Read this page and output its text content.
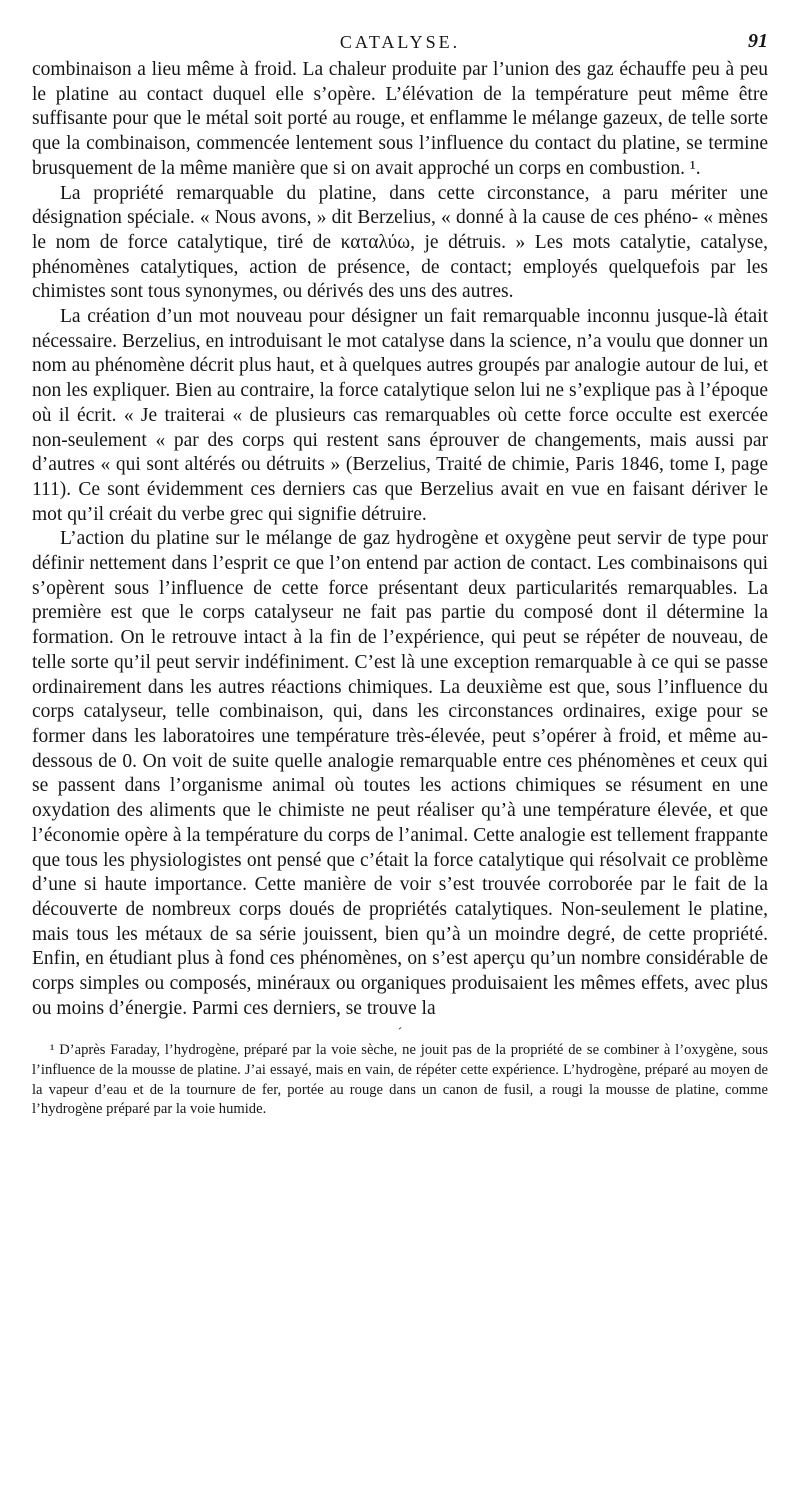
CATALYSE.	91

combinaison a lieu même à froid. La chaleur produite par l’union des gaz échauffe peu à peu le platine au contact duquel elle s’opère. L’élévation de la température peut même être suffisante pour que le métal soit porté au rouge, et enflamme le mélange gazeux, de telle sorte que la combinaison, commencée lentement sous l’influence du contact du platine, se termine brusquement de la même manière que si on avait approché un corps en combustion. ¹.

La propriété remarquable du platine, dans cette circonstance, a paru mériter une désignation spéciale. « Nous avons, » dit Berzelius, « donné à la cause de ces phéno- « mènes le nom de force catalytique, tiré de καταλύω, je détruis. » Les mots catalytie, catalyse, phénomènes catalytiques, action de présence, de contact; employés quelquefois par les chimistes sont tous synonymes, ou dérivés des uns des autres.

La création d’un mot nouveau pour désigner un fait remarquable inconnu jusque-là était nécessaire. Berzelius, en introduisant le mot catalyse dans la science, n’a voulu que donner un nom au phénomène décrit plus haut, et à quelques autres groupés par analogie autour de lui, et non les expliquer. Bien au contraire, la force catalytique selon lui ne s’explique pas à l’époque où il écrit. « Je traiterai « de plusieurs cas remarquables où cette force occulte est exercée non-seulement « par des corps qui restent sans éprouver de changements, mais aussi par d’autres « qui sont altérés ou détruits » (Berzelius, Traité de chimie, Paris 1846, tome I, page 111). Ce sont évidemment ces derniers cas que Berzelius avait en vue en faisant dériver le mot qu’il créait du verbe grec qui signifie détruire.

L’action du platine sur le mélange de gaz hydrogène et oxygène peut servir de type pour définir nettement dans l’esprit ce que l’on entend par action de contact. Les combinaisons qui s’opèrent sous l’influence de cette force présentant deux particularités remarquables. La première est que le corps catalyseur ne fait pas partie du composé dont il détermine la formation. On le retrouve intact à la fin de l’expérience, qui peut se répéter de nouveau, de telle sorte qu’il peut servir indéfiniment. C’est là une exception remarquable à ce qui se passe ordinairement dans les autres réactions chimiques. La deuxième est que, sous l’influence du corps catalyseur, telle combinaison, qui, dans les circonstances ordinaires, exige pour se former dans les laboratoires une température très-élevée, peut s’opérer à froid, et même au-dessous de 0. On voit de suite quelle analogie remarquable entre ces phénomènes et ceux qui se passent dans l’organisme animal où toutes les actions chimiques se résument en une oxydation des aliments que le chimiste ne peut réaliser qu’à une température élevée, et que l’économie opère à la température du corps de l’animal. Cette analogie est tellement frappante que tous les physiologistes ont pensé que c’était la force catalytique qui résolvait ce problème d’une si haute importance. Cette manière de voir s’est trouvée corroborée par le fait de la découverte de nombreux corps doués de propriétés catalytiques. Non-seulement le platine, mais tous les métaux de sa série jouissent, bien qu’à un moindre degré, de cette propriété. Enfin, en étudiant plus à fond ces phénomènes, on s’est aperçu qu’un nombre considérable de corps simples ou composés, minéraux ou organiques produisaient les mêmes effets, avec plus ou moins d’énergie. Parmi ces derniers, se trouve la

´

¹ D’après Faraday, l’hydrogène, préparé par la voie sèche, ne jouit pas de la propriété de se combiner à l’oxygène, sous l’influence de la mousse de platine. J’ai essayé, mais en vain, de répéter cette expérience. L’hydrogène, préparé au moyen de la vapeur d’eau et de la tournure de fer, portée au rouge dans un canon de fusil, a rougi la mousse de platine, comme l’hydrogène préparé par la voie humide.
